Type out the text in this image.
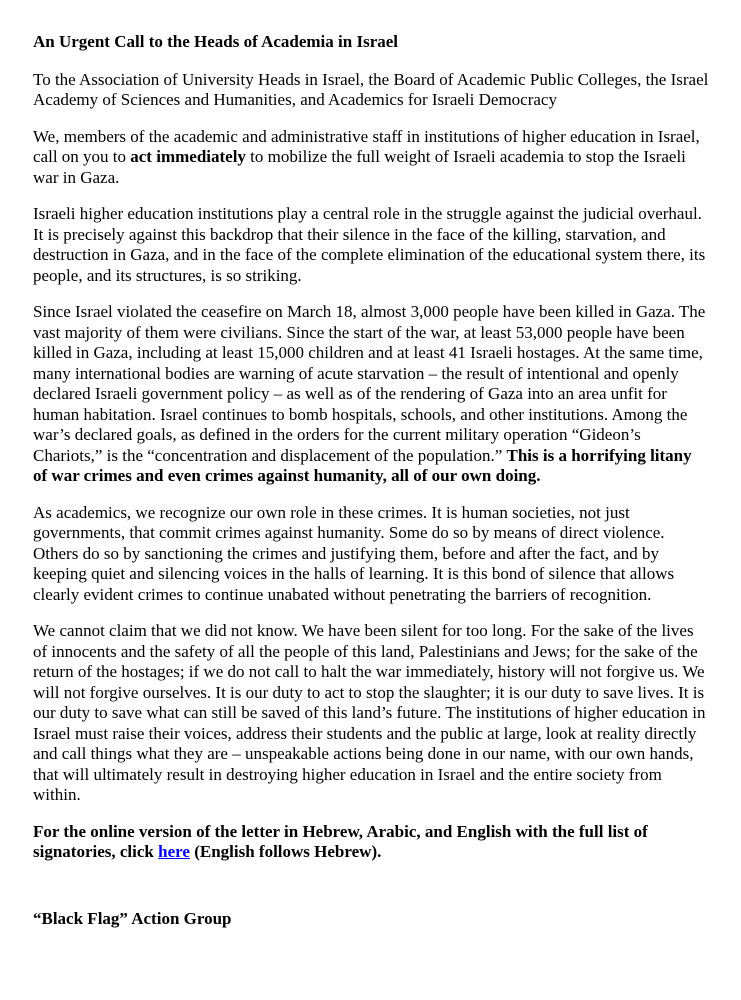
An Urgent Call to the Heads of Academia in Israel

To the Association of University Heads in Israel, the Board of Academic Public Colleges, the Israel Academy of Sciences and Humanities, and Academics for Israeli Democracy

We, members of the academic and administrative staff in institutions of higher education in Israel, call on you to act immediately to mobilize the full weight of Israeli academia to stop the Israeli war in Gaza.

Israeli higher education institutions play a central role in the struggle against the judicial overhaul. It is precisely against this backdrop that their silence in the face of the killing, starvation, and destruction in Gaza, and in the face of the complete elimination of the educational system there, its people, and its structures, is so striking.

Since Israel violated the ceasefire on March 18, almost 3,000 people have been killed in Gaza. The vast majority of them were civilians. Since the start of the war, at least 53,000 people have been killed in Gaza, including at least 15,000 children and at least 41 Israeli hostages. At the same time, many international bodies are warning of acute starvation – the result of intentional and openly declared Israeli government policy – as well as of the rendering of Gaza into an area unfit for human habitation. Israel continues to bomb hospitals, schools, and other institutions. Among the war’s declared goals, as defined in the orders for the current military operation “Gideon’s Chariots,” is the “concentration and displacement of the population.” This is a horrifying litany of war crimes and even crimes against humanity, all of our own doing.

As academics, we recognize our own role in these crimes. It is human societies, not just governments, that commit crimes against humanity. Some do so by means of direct violence. Others do so by sanctioning the crimes and justifying them, before and after the fact, and by keeping quiet and silencing voices in the halls of learning. It is this bond of silence that allows clearly evident crimes to continue unabated without penetrating the barriers of recognition.

We cannot claim that we did not know. We have been silent for too long. For the sake of the lives of innocents and the safety of all the people of this land, Palestinians and Jews; for the sake of the return of the hostages; if we do not call to halt the war immediately, history will not forgive us. We will not forgive ourselves. It is our duty to act to stop the slaughter; it is our duty to save lives. It is our duty to save what can still be saved of this land’s future. The institutions of higher education in Israel must raise their voices, address their students and the public at large, look at reality directly and call things what they are – unspeakable actions being done in our name, with our own hands, that will ultimately result in destroying higher education in Israel and the entire society from within.

For the online version of the letter in Hebrew, Arabic, and English with the full list of signatories, click here (English follows Hebrew).

“Black Flag” Action Group
